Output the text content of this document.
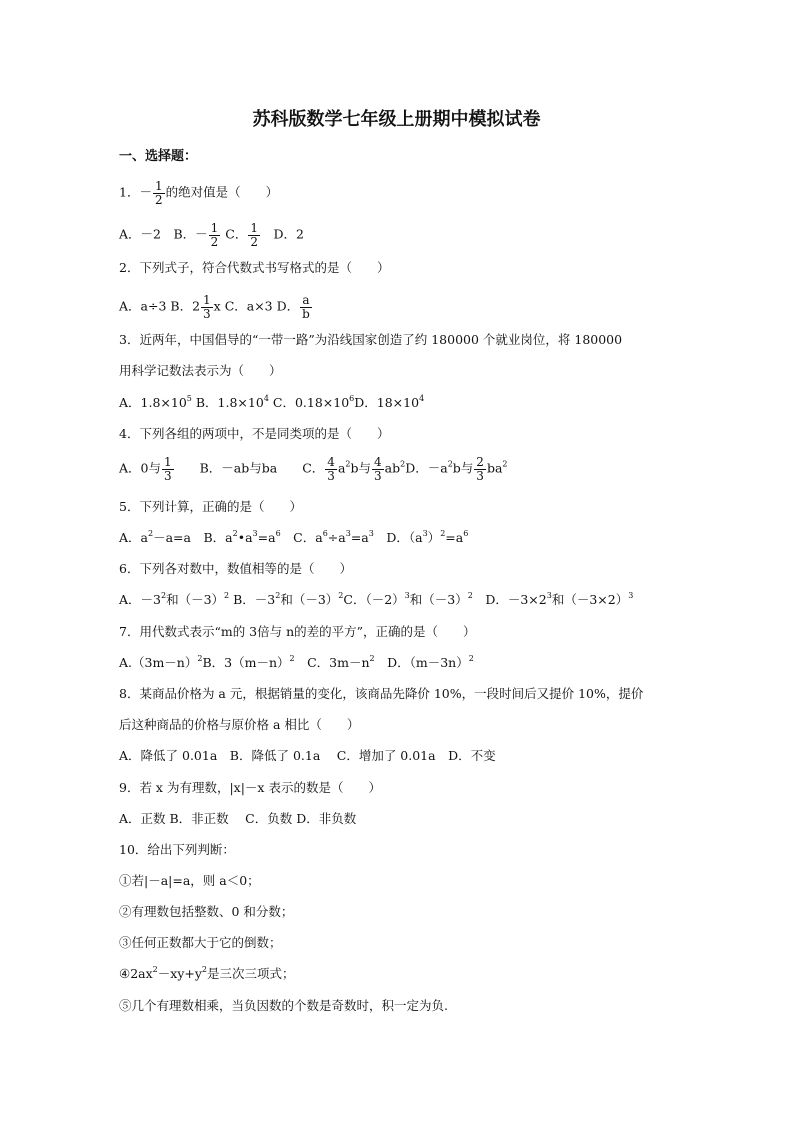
苏科版数学七年级上册期中模拟试卷
一、选择题：
1．－ $\frac{1}{2}$ 的绝对值是（　　）
A．－2　B．－ $\frac{1}{2}$ C． $\frac{1}{2}$ 　D．2
2．下列式子，符合代数式书写格式的是（　　）
A．a÷3 B．$2 \frac{1}{3}$ x C．a×3 D． $\frac{a}{b}$
3．近两年，中国倡导的“一带一路”为沿线国家创造了约 180000 个就业岗位，将 180000
用科学记数法表示为（　　）
A．$1.8\times 10^5$ B．$1.8\times 10^4$ C．$0.18\times 10^6D$．$18\times 10^4$
4．下列各组的两项中，不是同类项的是（　　）
A．0与 $\frac{1}{3}$ 　　B．－ab与ba　　C． $\frac{4}{3} a^2b$与 $\frac{4}{3} ab^2D$．$-a^2b$与 $\frac{2}{3} ba^2$
5．下列计算，正确的是（　　）
A．$a^2-a=a$　B．$a^2•a^3=a^6$　C．$a^6\div a^3=a^3$　D．$(a^3)^2=a^6$
6．下列各对数中，数值相等的是（　　）
A．$-3^2$和$(-3)^2$ B．$-3^2$和$(-3)^2C$．$(-2)^3$和$(-3)^2$　D．$-3\times 2^3$和$(-3\times 2)^3$
7．用代数式表示“m的 3倍与 n的差的平方”，正确的是（　　）
$A.(3m-n)^2B$．$3(m-n)^2$　C．$3m-n^2$　D．$(m-3n)^2$
8．某商品价格为 a 元，根据销量的变化，该商品先降价 10%，一段时间后又提价 10%，提价
后这种商品的价格与原价格 a 相比（　　）
A．降低了 0.01a　B．降低了 0.1a　 C．增加了 0.01a　D．不变
9．若 x 为有理数，|x|－x 表示的数是（　　）
A．正数 B．非正数　 C．负数 D．非负数
10．给出下列判断：
①若|－a|=a，则 a＜0；
②有理数包括整数、0 和分数；
③任何正数都大于它的倒数；
$④2ax^2-xy+y^2$是三次三项式；
⑤几个有理数相乘，当负因数的个数是奇数时，积一定为负.
